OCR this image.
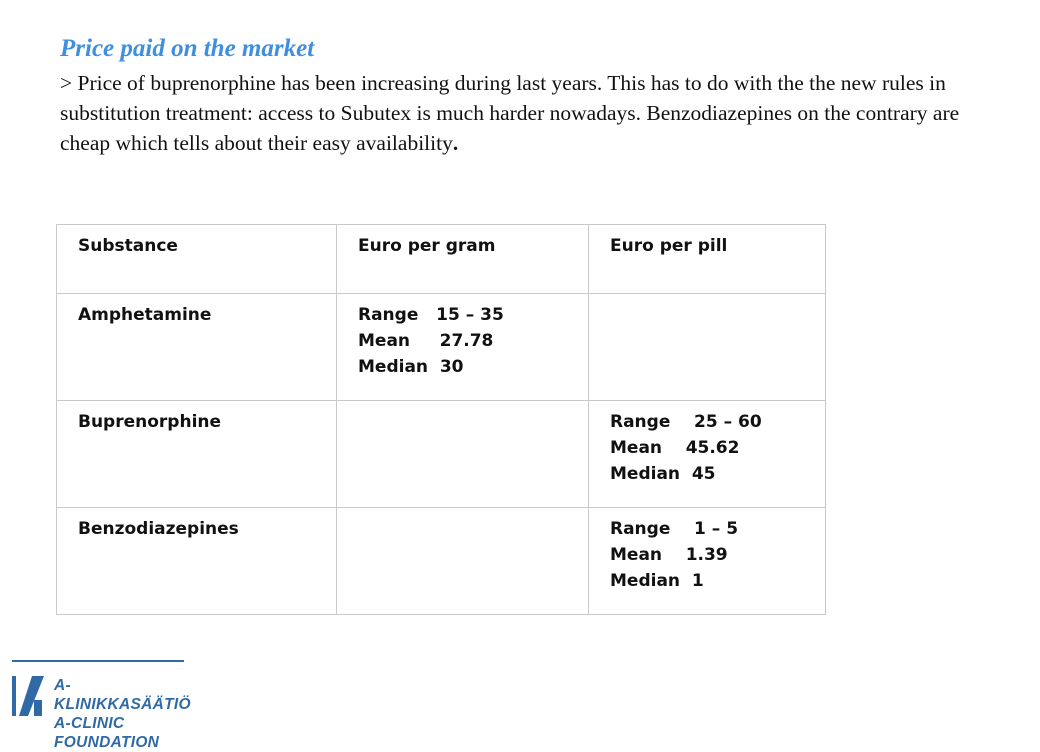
Price paid on the market

> Price of buprenorphine has been increasing during last years. This has to do with the the new rules in substitution treatment: access to Subutex is much harder nowadays. Benzodiazepines on the contrary are cheap which tells about their easy availability.

Substance	Euro per gram	Euro per pill
Amphetamine	Range   15 – 35
Mean     27.78
Median  30	

Buprenorphine		Range    25 – 60
Mean    45.62
Median  45

Benzodiazepines		Range    1 – 5
Mean    1.39
Median  1
A-KLINIKKASÄÄTIÖ
A-CLINIC FOUNDATION
